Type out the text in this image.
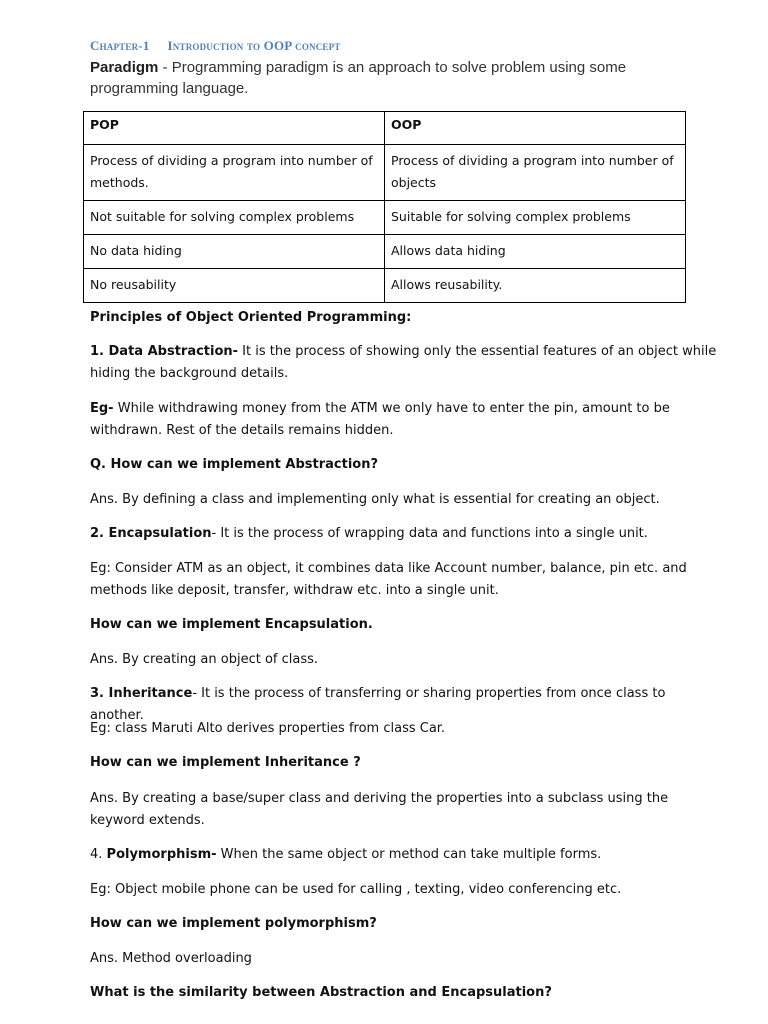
Chapter-1 Introduction to OOP concept
Paradigm - Programming paradigm is an approach to solve problem using some programming language.
POP	OOP
Process of dividing a program into number of methods.	Process of dividing a program into number of objects
Not suitable for solving complex problems	Suitable for solving complex problems
No data hiding	Allows data hiding
No reusability	Allows reusability.
Principles of Object Oriented Programming:
1. Data Abstraction- It is the process of showing only the essential features of an object while hiding the background details.
Eg- While withdrawing money from the ATM we only have to enter the pin, amount to be withdrawn. Rest of the details remains hidden.
Q. How can we implement Abstraction?
Ans. By defining a class and implementing only what is essential for creating an object.
2. Encapsulation- It is the process of wrapping data and functions into a single unit.
Eg: Consider ATM as an object, it combines data like Account number, balance, pin etc. and methods like deposit, transfer, withdraw etc. into a single unit.
How can we implement Encapsulation.
Ans. By creating an object of class.
3. Inheritance- It is the process of transferring or sharing properties from once class to another.
Eg: class Maruti Alto derives properties from class Car.
How can we implement Inheritance ?
Ans. By creating a base/super class and deriving the properties into a subclass using the keyword extends.
4. Polymorphism- When the same object or method can take multiple forms.
Eg: Object mobile phone can be used for calling , texting, video conferencing etc.
How can we implement polymorphism?
Ans. Method overloading
What is the similarity between Abstraction and Encapsulation?
